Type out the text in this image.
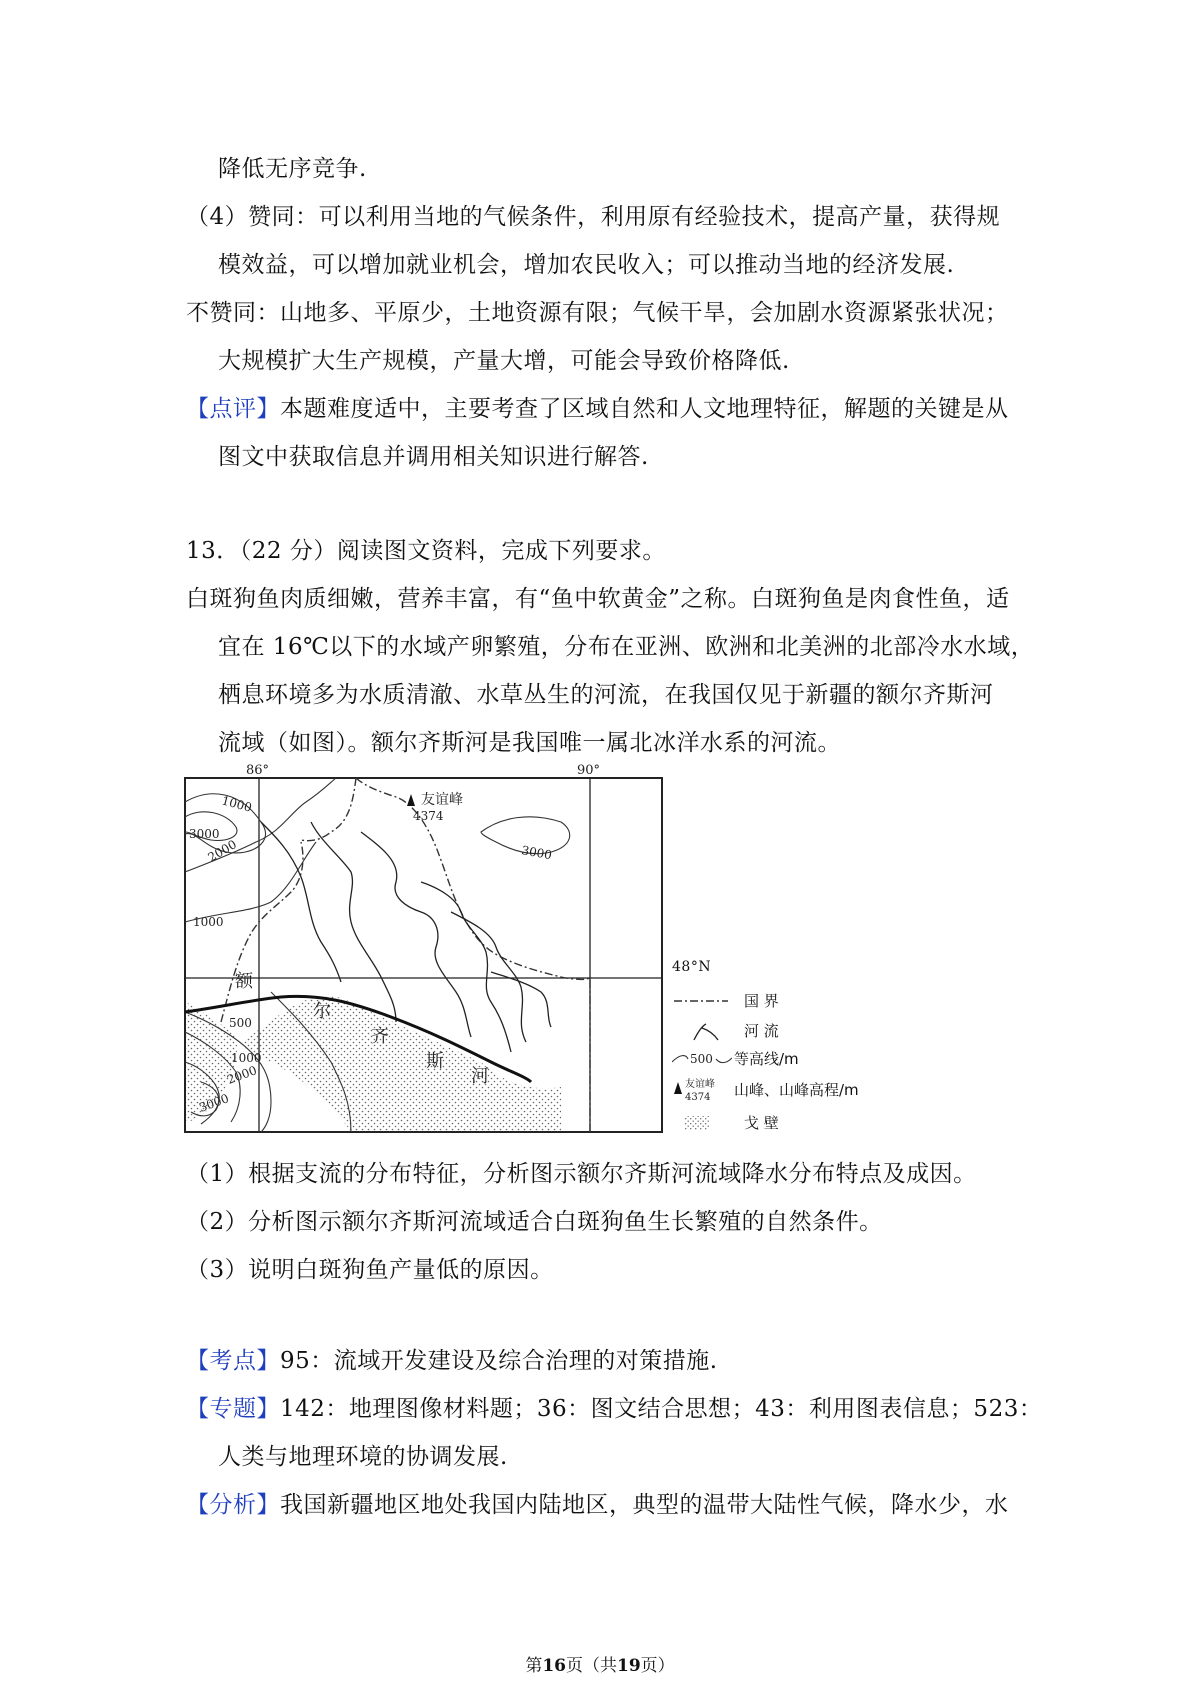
降低无序竞争.
（4）赞同：可以利用当地的气候条件，利用原有经验技术，提高产量，获得规
模效益，可以增加就业机会，增加农民收入；可以推动当地的经济发展.
不赞同：山地多、平原少，土地资源有限；气候干旱，会加剧水资源紧张状况；
大规模扩大生产规模，产量大增，可能会导致价格降低.
【点评】本题难度适中，主要考查了区域自然和人文地理特征，解题的关键是从
图文中获取信息并调用相关知识进行解答.
13．（22 分）阅读图文资料，完成下列要求。
白斑狗鱼肉质细嫩，营养丰富，有“鱼中软黄金”之称。白斑狗鱼是肉食性鱼，适
宜在 16℃以下的水域产卵繁殖，分布在亚洲、欧洲和北美洲的北部冷水水域，
栖息环境多为水质清澈、水草丛生的河流，在我国仅见于新疆的额尔齐斯河
流域（如图）。额尔齐斯河是我国唯一属北冰洋水系的河流。
86°	90°
友谊峰
4374
1000
3000
2000
1000
3000
500
1000
2000
3000
额
尔
齐
斯
河
48°N
国 界
河 流
500 等高线/m
友谊峰
4374 山峰、山峰高程/m
戈 壁
（1）根据支流的分布特征，分析图示额尔齐斯河流域降水分布特点及成因。
（2）分析图示额尔齐斯河流域适合白斑狗鱼生长繁殖的自然条件。
（3）说明白斑狗鱼产量低的原因。
【考点】95：流域开发建设及综合治理的对策措施.
【专题】142：地理图像材料题；36：图文结合思想；43：利用图表信息；523：
人类与地理环境的协调发展.
【分析】我国新疆地区地处我国内陆地区，典型的温带大陆性气候，降水少，水
第16页（共19页）
